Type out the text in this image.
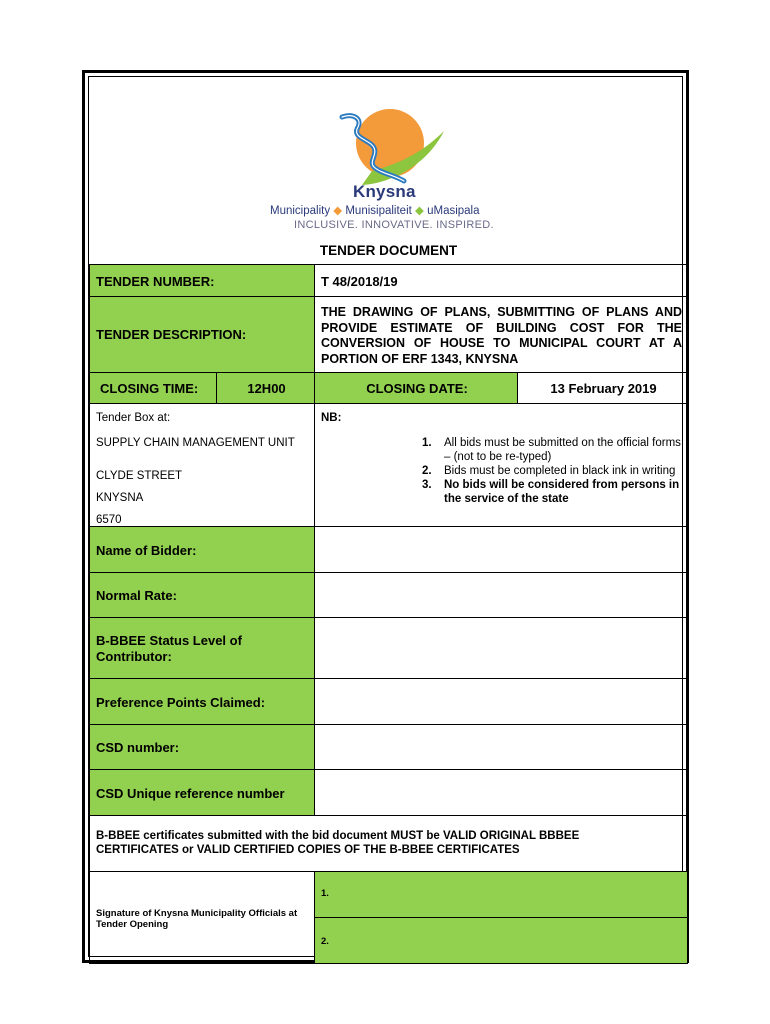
Knysna
Municipality ◆ Munisipaliteit ◆ uMasipala
INCLUSIVE. INNOVATIVE. INSPIRED.
TENDER DOCUMENT
TENDER NUMBER:	T 48/2018/19
TENDER DESCRIPTION:
THE DRAWING OF PLANS, SUBMITTING OF PLANS AND PROVIDE ESTIMATE OF BUILDING COST FOR THE CONVERSION OF HOUSE TO MUNICIPAL COURT AT A PORTION OF ERF 1343, KNYSNA
CLOSING TIME:	12H00	CLOSING DATE:	13 February 2019
Tender Box at:
SUPPLY CHAIN MANAGEMENT UNIT
CLYDE STREET
KNYSNA
6570
NB:
1. All bids must be submitted on the official forms – (not to be re-typed)
2. Bids must be completed in black ink in writing
3. No bids will be considered from persons in the service of the state
Name of Bidder:
Normal Rate:
B-BBEE Status Level of Contributor:
Preference Points Claimed:
CSD number:
CSD Unique reference number
B-BBEE certificates submitted with the bid document MUST be VALID ORIGINAL BBBEE CERTIFICATES or VALID CERTIFIED COPIES OF THE B-BBEE CERTIFICATES
Signature of Knysna Municipality Officials at Tender Opening
1.
2.
